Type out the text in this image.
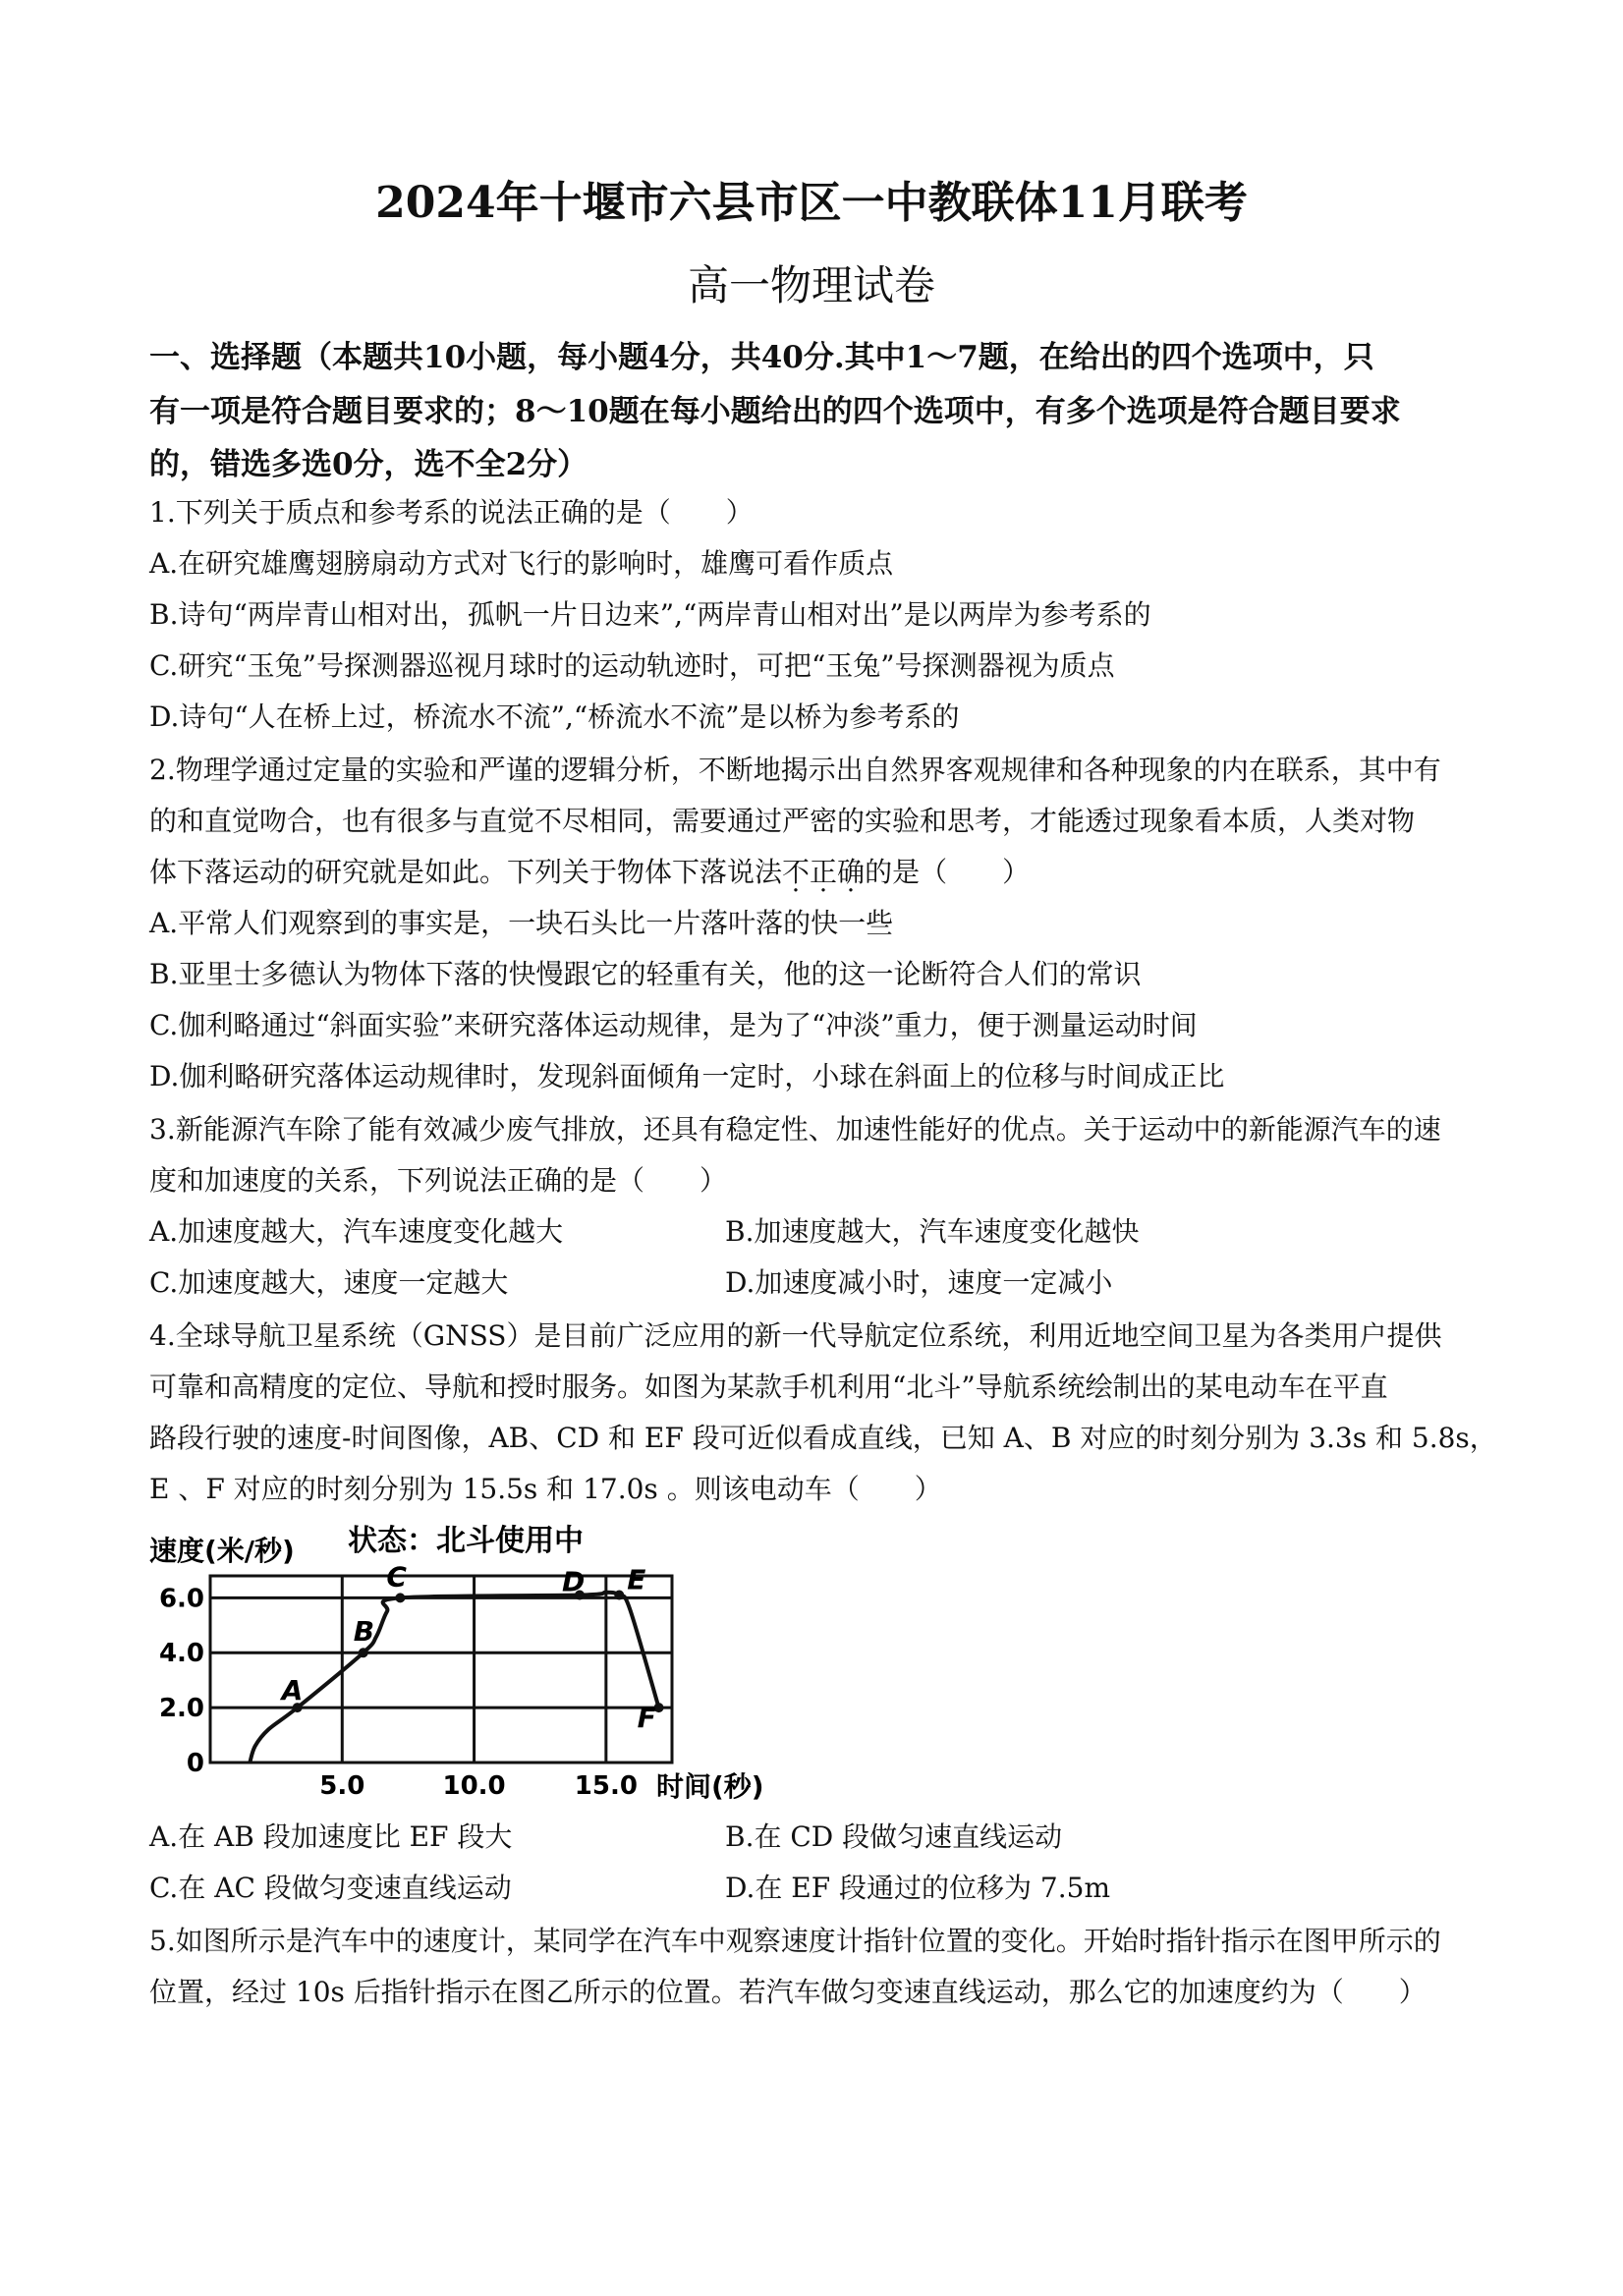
2024年十堰市六县市区一中教联体11月联考
高一物理试卷
一、选择题（本题共10小题，每小题4分，共40分.其中1～7题，在给出的四个选项中，只
有一项是符合题目要求的；8～10题在每小题给出的四个选项中，有多个选项是符合题目要求
的，错选多选0分，选不全2分）
1.下列关于质点和参考系的说法正确的是（　　）
A.在研究雄鹰翅膀扇动方式对飞行的影响时，雄鹰可看作质点
B.诗句“两岸青山相对出，孤帆一片日边来”,“两岸青山相对出”是以两岸为参考系的
C.研究“玉兔”号探测器巡视月球时的运动轨迹时，可把“玉兔”号探测器视为质点
D.诗句“人在桥上过，桥流水不流”,“桥流水不流”是以桥为参考系的
2.物理学通过定量的实验和严谨的逻辑分析，不断地揭示出自然界客观规律和各种现象的内在联系，其中有
的和直觉吻合，也有很多与直觉不尽相同，需要通过严密的实验和思考，才能透过现象看本质，人类对物
体下落运动的研究就是如此。下列关于物体下落说法不正确的是（　　）
A.平常人们观察到的事实是，一块石头比一片落叶落的快一些
B.亚里士多德认为物体下落的快慢跟它的轻重有关，他的这一论断符合人们的常识
C.伽利略通过“斜面实验”来研究落体运动规律，是为了“冲淡”重力，便于测量运动时间
D.伽利略研究落体运动规律时，发现斜面倾角一定时，小球在斜面上的位移与时间成正比
3.新能源汽车除了能有效减少废气排放，还具有稳定性、加速性能好的优点。关于运动中的新能源汽车的速
度和加速度的关系，下列说法正确的是（　　）
A.加速度越大，汽车速度变化越大	B.加速度越大，汽车速度变化越快
C.加速度越大，速度一定越大	D.加速度减小时，速度一定减小
4.全球导航卫星系统（GNSS）是目前广泛应用的新一代导航定位系统，利用近地空间卫星为各类用户提供
可靠和高精度的定位、导航和授时服务。如图为某款手机利用“北斗”导航系统绘制出的某电动车在平直
路段行驶的速度-时间图像，AB、CD 和 EF 段可近似看成直线，已知 A、B 对应的时刻分别为 3.3s 和 5.8s，
E 、F 对应的时刻分别为 15.5s 和 17.0s 。则该电动车（　　）
5.0	10.0	15.0
0
2.0
4.0
6.0
速度(米/秒) 状态：北斗使用中
时间(秒)
A
B
C	D E
F
A.在 AB 段加速度比 EF 段大	B.在 CD 段做匀速直线运动
C.在 AC 段做匀变速直线运动	D.在 EF 段通过的位移为 7.5m
5.如图所示是汽车中的速度计，某同学在汽车中观察速度计指针位置的变化。开始时指针指示在图甲所示的
位置，经过 10s 后指针指示在图乙所示的位置。若汽车做匀变速直线运动，那么它的加速度约为（　　）
